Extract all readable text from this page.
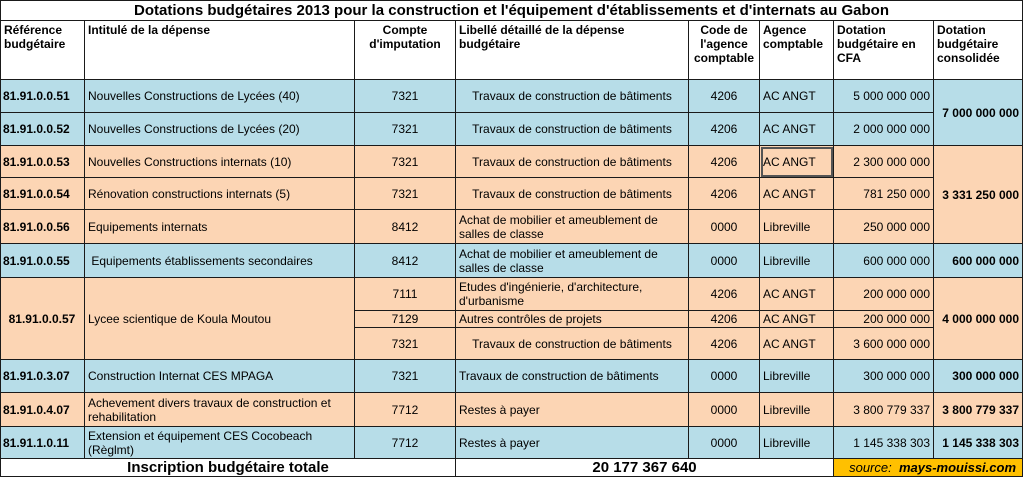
Dotations budgétaires 2013 pour la construction et l'équipement d'établissements et d'internats au Gabon							
Référence budgétaire	Intitulé de la dépense	Compte d'imputation	Libellé détaillé de la dépense budgétaire	Code de l'agence comptable	Agence comptable	Dotation budgétaire en CFA	Dotation budgétaire consolidée
81.91.0.0.51	Nouvelles Constructions de Lycées (40)	7321	Travaux de construction de bâtiments	4206	AC ANGT	5 000 000 000	7 000 000 000
81.91.0.0.52	Nouvelles Constructions de Lycées (20)	7321	Travaux de construction de bâtiments	4206	AC ANGT	2 000 000 000	
81.91.0.0.53	Nouvelles Constructions internats (10)	7321	Travaux de construction de bâtiments	4206	AC ANGT	2 300 000 000	3 331 250 000
81.91.0.0.54	Rénovation constructions internats (5)	7321	Travaux de construction de bâtiments	4206	AC ANGT	781 250 000	
81.91.0.0.56	Equipements internats	8412	Achat de mobilier et ameublement de salles de classe	0000	Libreville	250 000 000	
81.91.0.0.55	Equipements établissements secondaires	8412	Achat de mobilier et ameublement de salles de classe	0000	Libreville	600 000 000	600 000 000
81.91.0.0.57	Lycee scientique de Koula Moutou	7111	Etudes d'ingénierie, d'architecture, d'urbanisme	4206	AC ANGT	200 000 000	4 000 000 000
		7129	Autres contrôles de projets	4206	AC ANGT	200 000 000	
		7321	Travaux de construction de bâtiments	4206	AC ANGT	3 600 000 000	
81.91.0.3.07	Construction Internat CES MPAGA	7321	Travaux de construction de bâtiments	0000	Libreville	300 000 000	300 000 000
81.91.0.4.07	Achevement divers travaux de construction et rehabilitation	7712	Restes à payer	0000	Libreville	3 800 779 337	3 800 779 337
81.91.1.0.11	Extension et équipement CES Cocobeach (Règlmt)	7712	Restes à payer	0000	Libreville	1 145 338 303	1 145 338 303
Inscription budgétaire totale			20 177 367 640			source: mays-mouissi.com	
